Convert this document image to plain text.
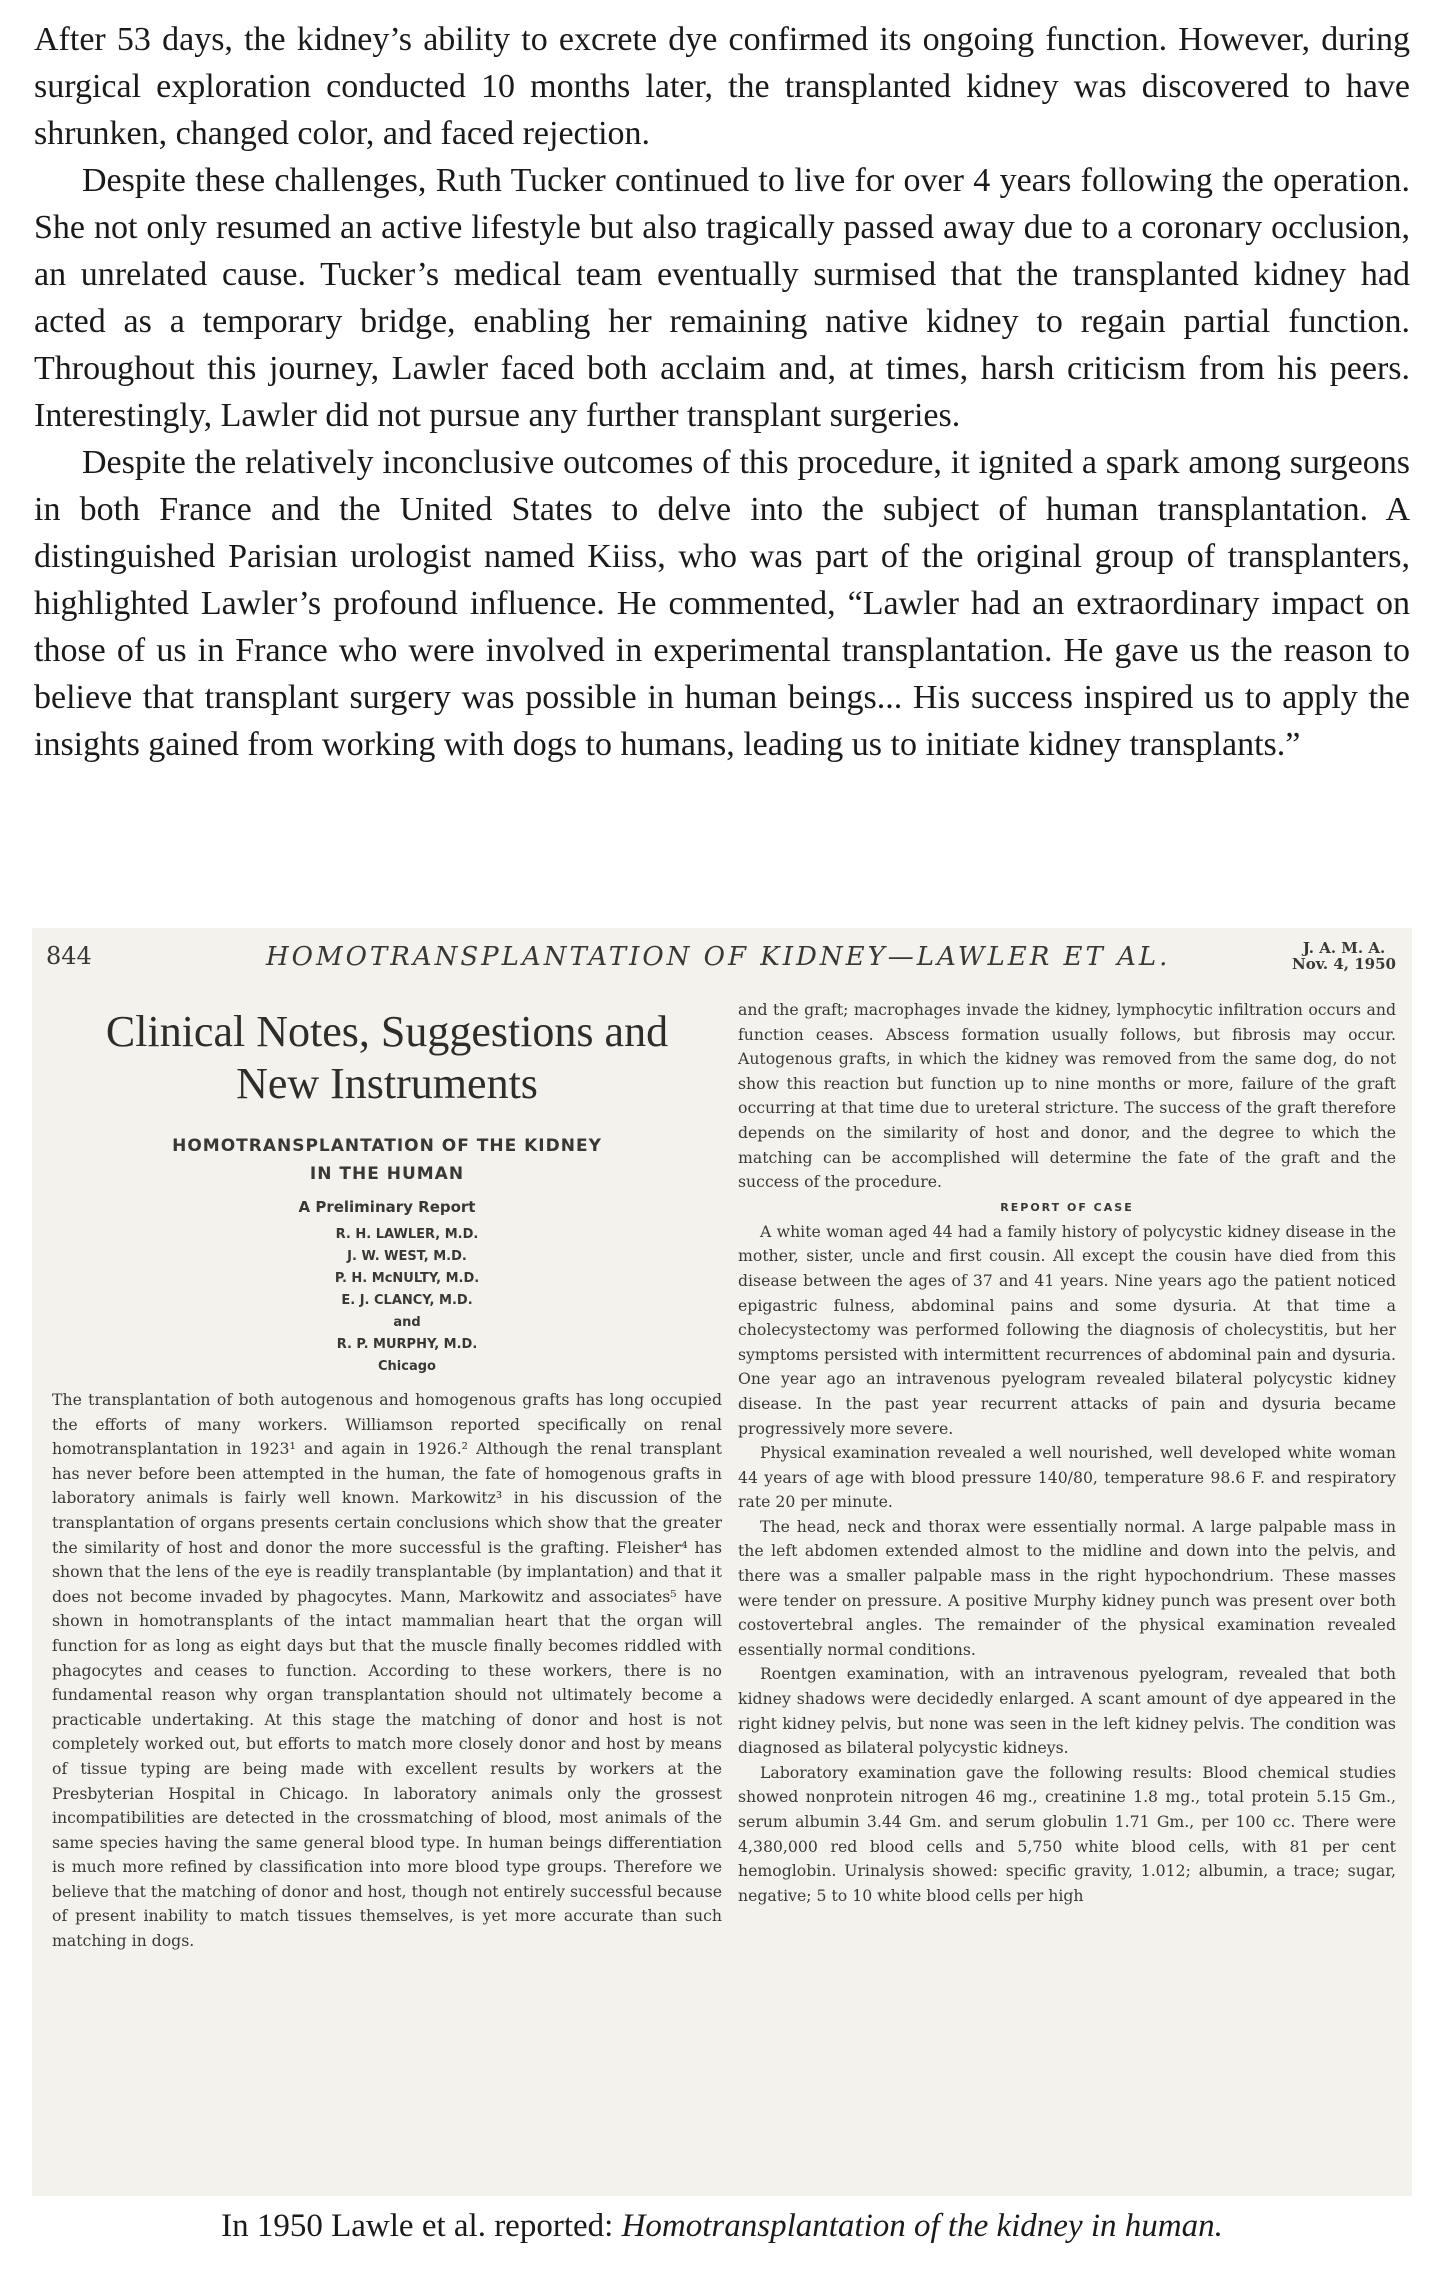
After 53 days, the kidney’s ability to excrete dye confirmed its ongoing function. However, during surgical exploration conducted 10 months later, the transplanted kidney was discovered to have shrunken, changed color, and faced rejection.

Despite these challenges, Ruth Tucker continued to live for over 4 years following the operation. She not only resumed an active lifestyle but also tragically passed away due to a coronary occlusion, an unrelated cause. Tucker’s medical team eventually surmised that the transplanted kidney had acted as a temporary bridge, enabling her remaining native kidney to regain partial function. Throughout this journey, Lawler faced both acclaim and, at times, harsh criticism from his peers. Interestingly, Lawler did not pursue any further transplant surgeries.

Despite the relatively inconclusive outcomes of this procedure, it ignited a spark among surgeons in both France and the United States to delve into the subject of human transplantation. A distinguished Parisian urologist named Kiiss, who was part of the original group of transplanters, highlighted Lawler’s profound influence. He commented, “Lawler had an extraordinary impact on those of us in France who were involved in experimental transplantation. He gave us the reason to believe that transplant surgery was possible in human beings... His success inspired us to apply the insights gained from working with dogs to humans, leading us to initiate kidney transplants.”

844	HOMOTRANSPLANTATION OF KIDNEY—LAWLER ET AL.	J. A. M. A.
Nov. 4, 1950
Clinical Notes, Suggestions and
New Instruments
HOMOTRANSPLANTATION OF THE KIDNEY
IN THE HUMAN
A Preliminary Report
R. H. LAWLER, M.D.
J. W. WEST, M.D.
P. H. McNULTY, M.D.
E. J. CLANCY, M.D.
and
R. P. MURPHY, M.D.
Chicago

The transplantation of both autogenous and homogenous grafts has long occupied the efforts of many workers. Williamson reported specifically on renal homotransplantation in 1923¹ and again in 1926.² Although the renal transplant has never before been attempted in the human, the fate of homogenous grafts in laboratory animals is fairly well known. Markowitz³ in his discussion of the transplantation of organs presents certain conclusions which show that the greater the similarity of host and donor the more successful is the grafting. Fleisher⁴ has shown that the lens of the eye is readily transplantable (by implantation) and that it does not become invaded by phagocytes. Mann, Markowitz and associates⁵ have shown in homotransplants of the intact mammalian heart that the organ will function for as long as eight days but that the muscle finally becomes riddled with phagocytes and ceases to function. According to these workers, there is no fundamental reason why organ transplantation should not ultimately become a practicable undertaking. At this stage the matching of donor and host is not completely worked out, but efforts to match more closely donor and host by means of tissue typing are being made with excellent results by workers at the Presbyterian Hospital in Chicago. In laboratory animals only the grossest incompatibilities are detected in the crossmatching of blood, most animals of the same species having the same general blood type. In human beings differentiation is much more refined by classification into more blood type groups. Therefore we believe that the matching of donor and host, though not entirely successful because of present inability to match tissues themselves, is yet more accurate than such matching in dogs.

and the graft; macrophages invade the kidney, lymphocytic infiltration occurs and function ceases. Abscess formation usually follows, but fibrosis may occur. Autogenous grafts, in which the kidney was removed from the same dog, do not show this reaction but function up to nine months or more, failure of the graft occurring at that time due to ureteral stricture. The success of the graft therefore depends on the similarity of host and donor, and the degree to which the matching can be accomplished will determine the fate of the graft and the success of the procedure.

REPORT OF CASE

A white woman aged 44 had a family history of polycystic kidney disease in the mother, sister, uncle and first cousin. All except the cousin have died from this disease between the ages of 37 and 41 years. Nine years ago the patient noticed epigastric fulness, abdominal pains and some dysuria. At that time a cholecystectomy was performed following the diagnosis of cholecystitis, but her symptoms persisted with intermittent recurrences of abdominal pain and dysuria. One year ago an intravenous pyelogram revealed bilateral polycystic kidney disease. In the past year recurrent attacks of pain and dysuria became progressively more severe.

Physical examination revealed a well nourished, well developed white woman 44 years of age with blood pressure 140/80, temperature 98.6 F. and respiratory rate 20 per minute.

The head, neck and thorax were essentially normal. A large palpable mass in the left abdomen extended almost to the midline and down into the pelvis, and there was a smaller palpable mass in the right hypochondrium. These masses were tender on pressure. A positive Murphy kidney punch was present over both costovertebral angles. The remainder of the physical examination revealed essentially normal conditions.

Roentgen examination, with an intravenous pyelogram, revealed that both kidney shadows were decidedly enlarged. A scant amount of dye appeared in the right kidney pelvis, but none was seen in the left kidney pelvis. The condition was diagnosed as bilateral polycystic kidneys.

Laboratory examination gave the following results: Blood chemical studies showed nonprotein nitrogen 46 mg., creatinine 1.8 mg., total protein 5.15 Gm., serum albumin 3.44 Gm. and serum globulin 1.71 Gm., per 100 cc. There were 4,380,000 red blood cells and 5,750 white blood cells, with 81 per cent hemoglobin. Urinalysis showed: specific gravity, 1.012; albumin, a trace; sugar, negative; 5 to 10 white blood cells per high

In 1950 Lawle et al. reported: Homotransplantation of the kidney in human.
